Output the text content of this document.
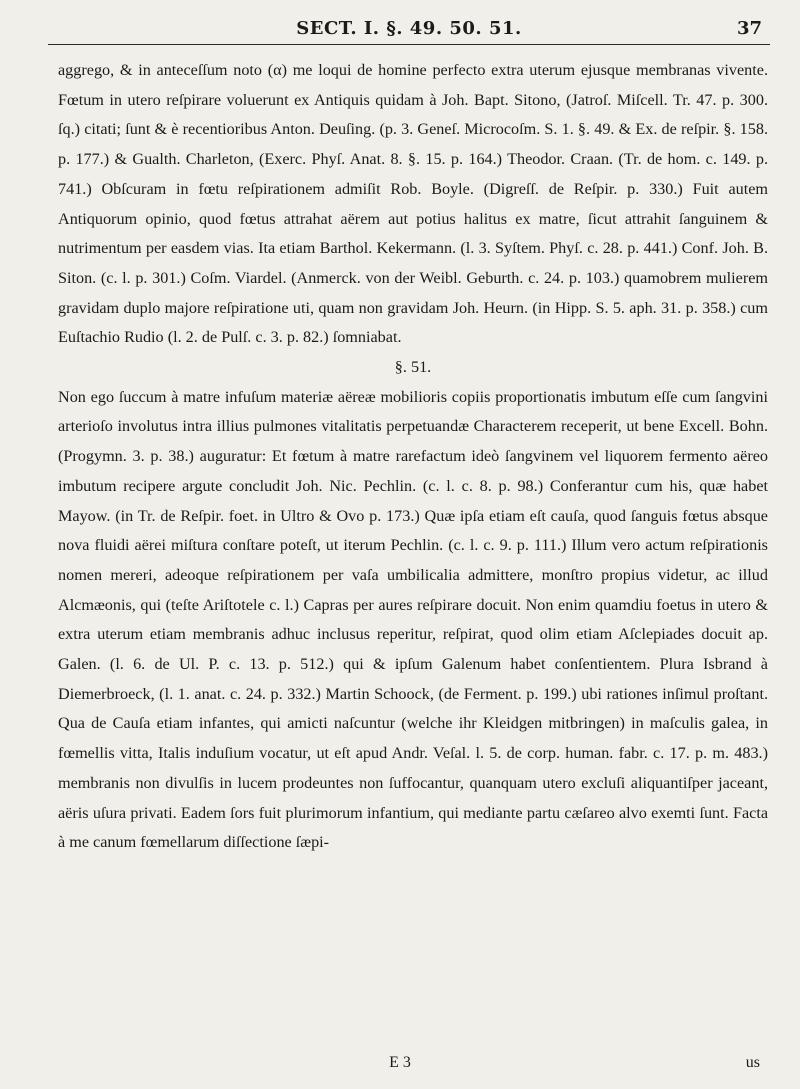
SECT. I. §. 49. 50. 51.	37

aggrego, & in anteceſſum noto (α) me loqui de homine perfecto extra uterum ejusque membranas vivente. Fœtum in utero reſpirare voluerunt ex Antiquis quidam à Joh. Bapt. Sitono, (Jatroſ. Miſcell. Tr. 47. p. 300. ſq.) citati; ſunt & è recentioribus Anton. Deuſing. (p. 3. Geneſ. Microcoſm. S. 1. §. 49. & Ex. de reſpir. §. 158. p. 177.) & Gualth. Charleton, (Exerc. Phyſ. Anat. 8. §. 15. p. 164.) Theodor. Craan. (Tr. de hom. c. 149. p. 741.) Obſcuram in fœtu reſpirationem admiſit Rob. Boyle. (Digreſſ. de Reſpir. p. 330.) Fuit autem Antiquorum opinio, quod fœtus attrahat aërem aut potius halitus ex matre, ſicut attrahit ſanguinem & nutrimentum per easdem vias. Ita etiam Barthol. Kekermann. (l. 3. Syſtem. Phyſ. c. 28. p. 441.) Conf. Joh. B. Siton. (c. l. p. 301.) Coſm. Viardel. (Anmerck. von der Weibl. Geburth. c. 24. p. 103.) quamobrem mulierem gravidam duplo majore reſpiratione uti, quam non gravidam Joh. Heurn. (in Hipp. S. 5. aph. 31. p. 358.) cum Euſtachio Rudio (l. 2. de Pulſ. c. 3. p. 82.) ſomniabat.

§. 51.

Non ego ſuccum à matre infuſum materiæ aëreæ mobilioris copiis proportionatis imbutum eſſe cum ſangvini arterioſo involutus intra illius pulmones vitalitatis perpetuandæ Characterem receperit, ut bene Excell. Bohn. (Progymn. 3. p. 38.) auguratur: Et fœtum à matre rarefactum ideò ſangvinem vel liquorem fermento aëreo imbutum recipere argute concludit Joh. Nic. Pechlin. (c. l. c. 8. p. 98.) Conferantur cum his, quæ habet Mayow. (in Tr. de Reſpir. foet. in Ultro & Ovo p. 173.) Quæ ipſa etiam eſt cauſa, quod ſanguis fœtus absque nova fluidi aërei miſtura conſtare poteſt, ut iterum Pechlin. (c. l. c. 9. p. 111.) Illum vero actum reſpirationis nomen mereri, adeoque reſpirationem per vaſa umbilicalia admittere, monſtro propius videtur, ac illud Alcmæonis, qui (teſte Ariſtotele c. l.) Capras per aures reſpirare docuit. Non enim quamdiu foetus in utero & extra uterum etiam membranis adhuc inclusus reperitur, reſpirat, quod olim etiam Aſclepiades docuit ap. Galen. (l. 6. de Ul. P. c. 13. p. 512.) qui & ipſum Galenum habet conſentientem. Plura Isbrand à Diemerbroeck, (l. 1. anat. c. 24. p. 332.) Martin Schoock, (de Ferment. p. 199.) ubi rationes inſimul proſtant. Qua de Cauſa etiam infantes, qui amicti naſcuntur (welche ihr Kleidgen mitbringen) in maſculis galea, in fœmellis vitta, Italis induſium vocatur, ut eſt apud Andr. Veſal. l. 5. de corp. human. fabr. c. 17. p. m. 483.) membranis non divulſis in lucem prodeuntes non ſuffocantur, quanquam utero excluſi aliquantiſper jaceant, aëris uſura privati. Eadem ſors fuit plurimorum infantium, qui mediante partu cæſareo alvo exemti ſunt. Facta à me canum fœmellarum diſſectione ſæpi-

E 3	us
